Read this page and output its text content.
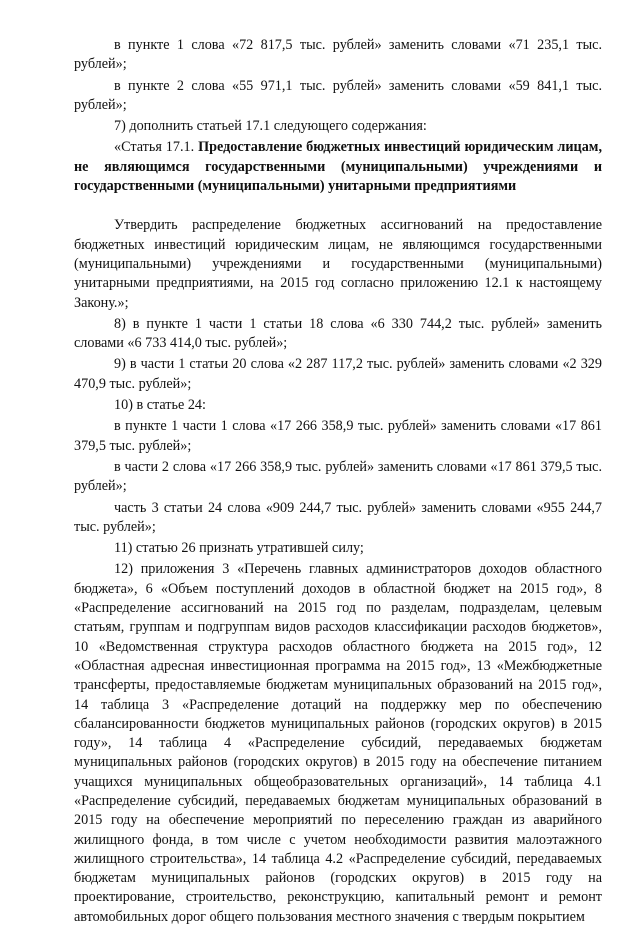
в пункте 1 слова «72 817,5 тыс. рублей» заменить словами «71 235,1 тыс. рублей»;

в пункте 2 слова «55 971,1 тыс. рублей» заменить словами «59 841,1 тыс. рублей»;

7) дополнить статьей 17.1 следующего содержания:

«Статья 17.1. Предоставление бюджетных инвестиций юридическим лицам, не являющимся государственными (муниципальными) учреждениями и государственными (муниципальными) унитарными предприятиями

Утвердить распределение бюджетных ассигнований на предоставление бюджетных инвестиций юридическим лицам, не являющимся государственными (муниципальными) учреждениями и государственными (муниципальными) унитарными предприятиями, на 2015 год согласно приложению 12.1 к настоящему Закону.»;

8) в пункте 1 части 1 статьи 18 слова «6 330 744,2 тыс. рублей» заменить словами «6 733 414,0 тыс. рублей»;

9) в части 1 статьи 20 слова «2 287 117,2 тыс. рублей» заменить словами «2 329 470,9 тыс. рублей»;

10) в статье 24:

в пункте 1 части 1 слова «17 266 358,9 тыс. рублей» заменить словами «17 861 379,5 тыс. рублей»;

в части 2 слова «17 266 358,9 тыс. рублей» заменить словами «17 861 379,5 тыс. рублей»;

часть 3 статьи 24 слова «909 244,7 тыс. рублей» заменить словами «955 244,7 тыс. рублей»;

11) статью 26 признать утратившей силу;

12) приложения 3 «Перечень главных администраторов доходов областного бюджета», 6 «Объем поступлений доходов в областной бюджет на 2015 год», 8 «Распределение ассигнований на 2015 год по разделам, подразделам, целевым статьям, группам и подгруппам видов расходов классификации расходов бюджетов», 10 «Ведомственная структура расходов областного бюджета на 2015 год», 12 «Областная адресная инвестиционная программа на 2015 год», 13 «Межбюджетные трансферты, предоставляемые бюджетам муниципальных образований на 2015 год», 14 таблица 3 «Распределение дотаций на поддержку мер по обеспечению сбалансированности бюджетов муниципальных районов (городских округов) в 2015 году», 14 таблица 4 «Распределение субсидий, передаваемых бюджетам муниципальных районов (городских округов) в 2015 году на обеспечение питанием учащихся муниципальных общеобразовательных организаций», 14 таблица 4.1 «Распределение субсидий, передаваемых бюджетам муниципальных образований в 2015 году на обеспечение мероприятий по переселению граждан из аварийного жилищного фонда, в том числе с учетом необходимости развития малоэтажного жилищного строительства», 14 таблица 4.2 «Распределение субсидий, передаваемых бюджетам муниципальных районов (городских округов) в 2015 году на проектирование, строительство, реконструкцию, капитальный ремонт и ремонт автомобильных дорог общего пользования местного значения с твердым покрытием
